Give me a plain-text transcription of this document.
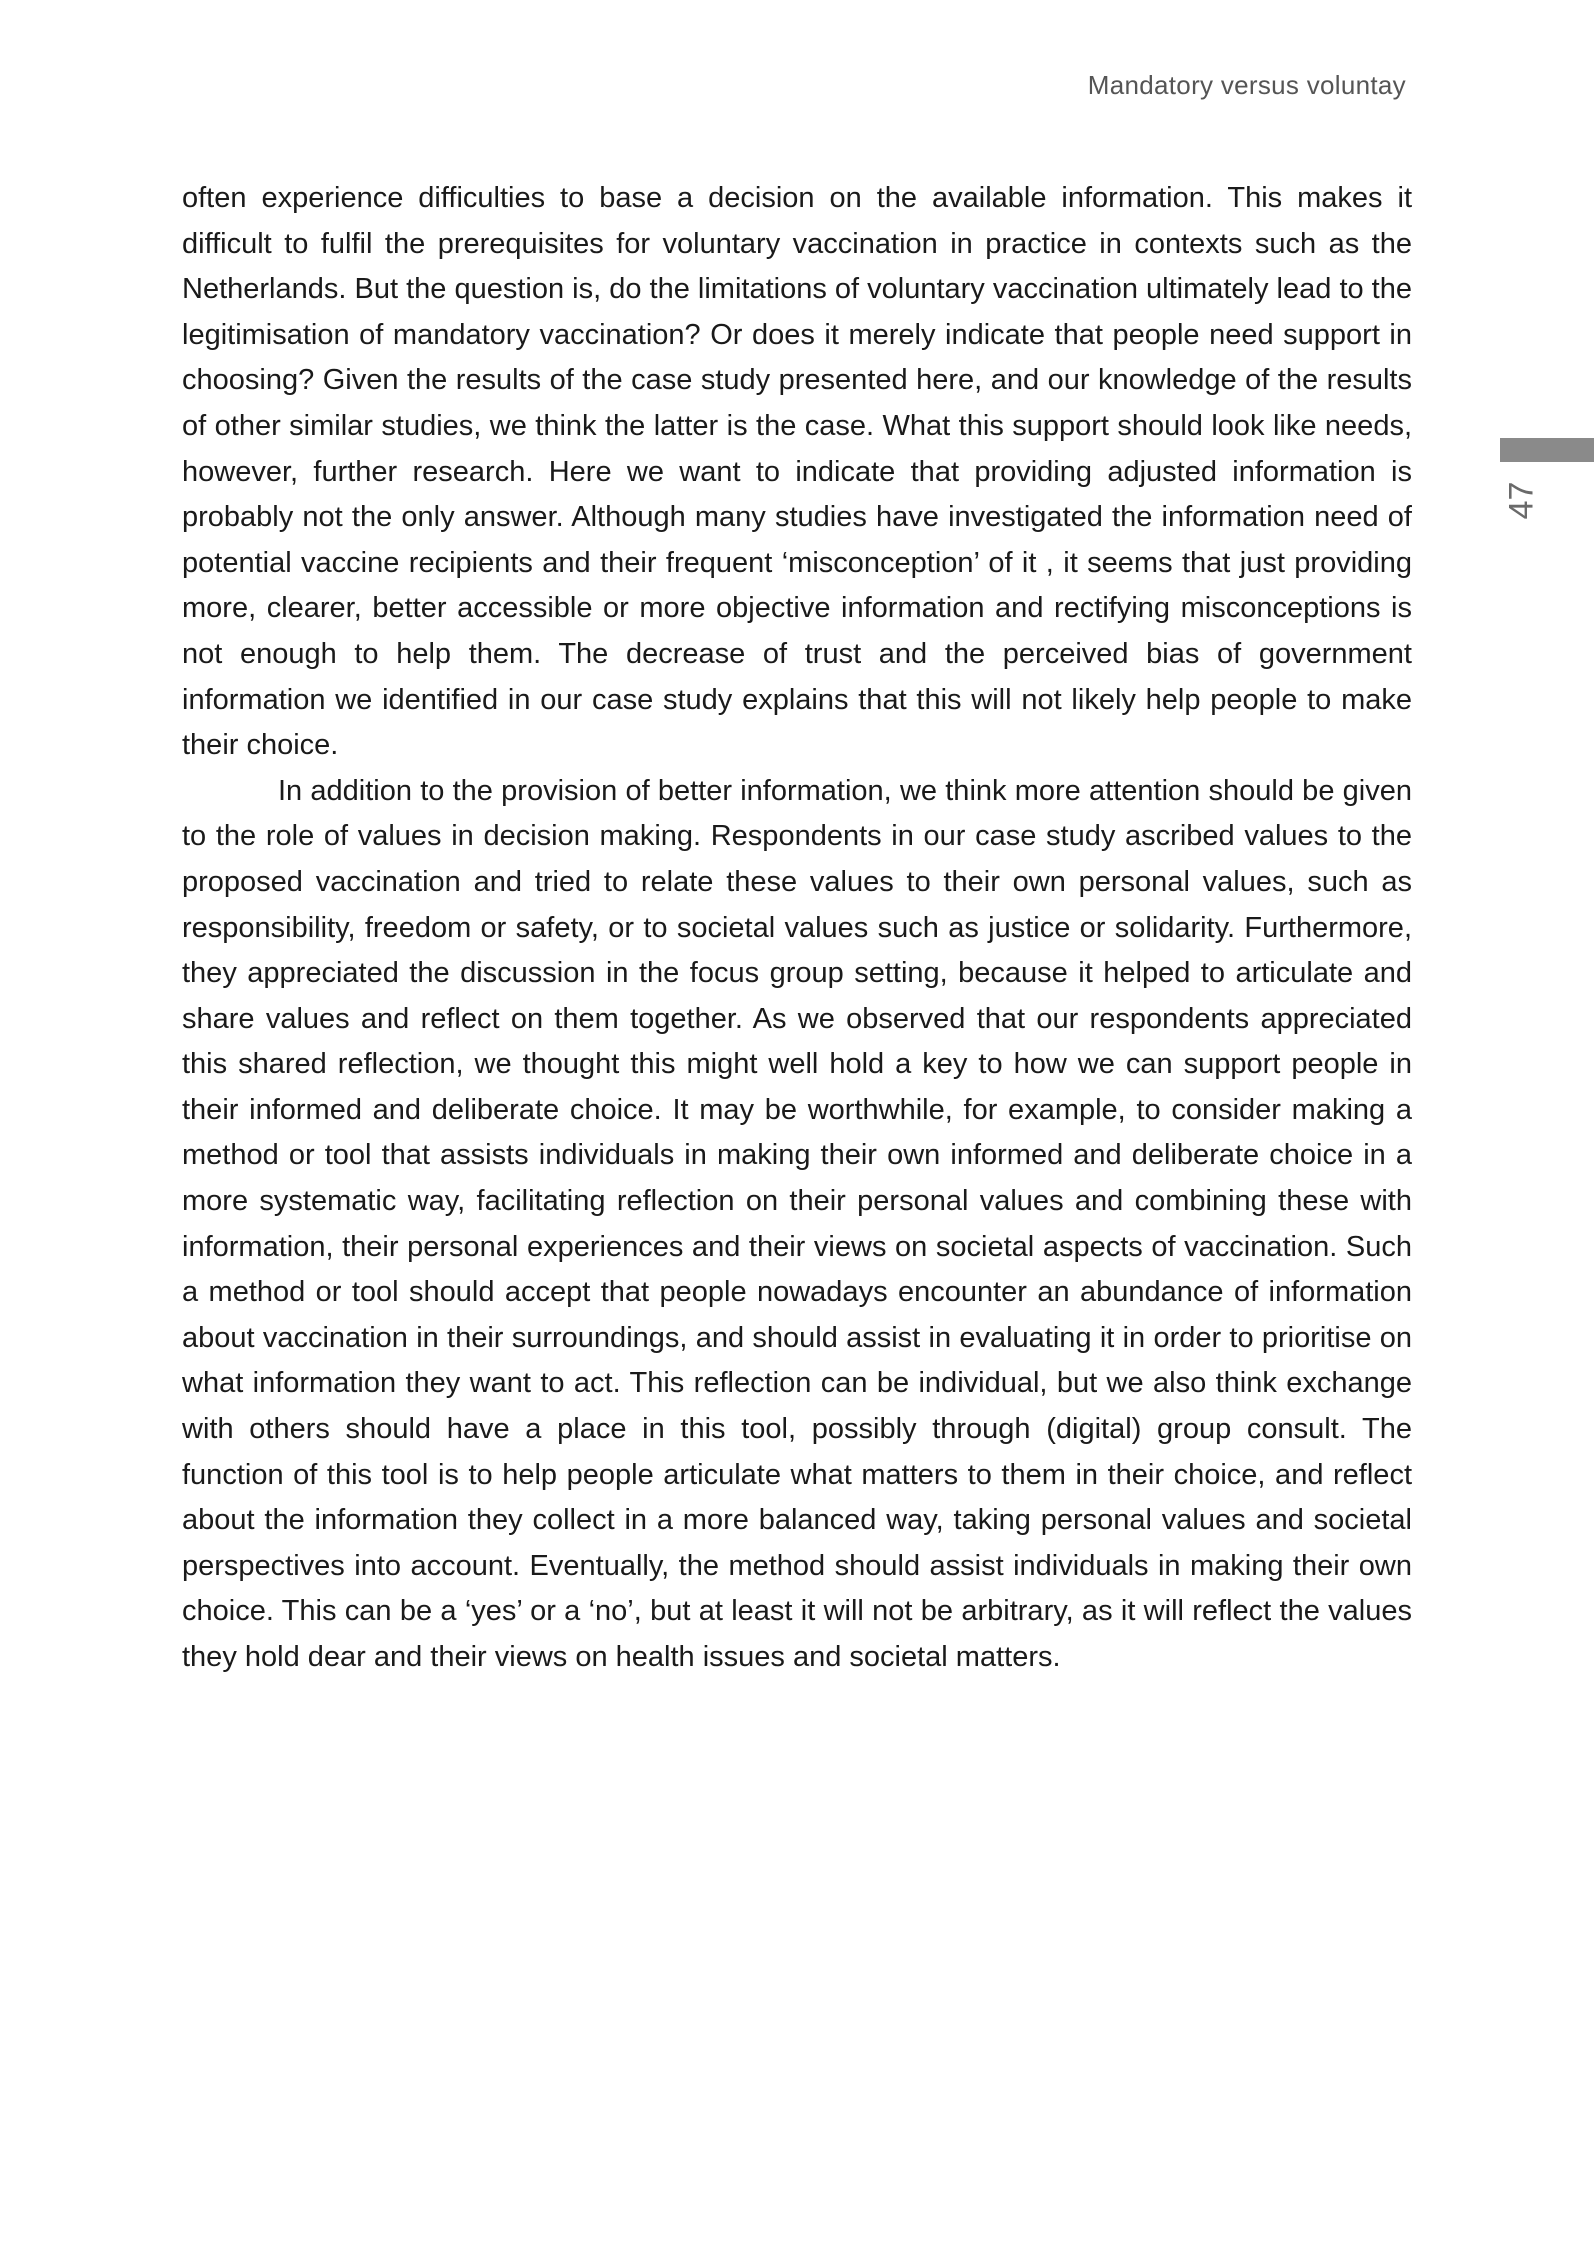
Mandatory versus voluntay
47

often experience difficulties to base a decision on the available information. This makes it difficult to fulfil the prerequisites for voluntary vaccination in practice in contexts such as the Netherlands. But the question is, do the limitations of voluntary vaccination ultimately lead to the legitimisation of mandatory vaccination? Or does it merely indicate that people need support in choosing? Given the results of the case study presented here, and our knowledge of the results of other similar studies, we think the latter is the case. What this support should look like needs, however, further research. Here we want to indicate that providing adjusted information is probably not the only answer. Although many studies have investigated the information need of potential vaccine recipients and their frequent ‘misconception’ of it , it seems that just providing more, clearer, better accessible or more objective information and rectifying misconceptions is not enough to help them. The decrease of trust and the perceived bias of government information we identified in our case study explains that this will not likely help people to make their choice.

In addition to the provision of better information, we think more attention should be given to the role of values in decision making. Respondents in our case study ascribed values to the proposed vaccination and tried to relate these values to their own personal values, such as responsibility, freedom or safety, or to societal values such as justice or solidarity. Furthermore, they appreciated the discussion in the focus group setting, because it helped to articulate and share values and reflect on them together. As we observed that our respondents appreciated this shared reflection, we thought this might well hold a key to how we can support people in their informed and deliberate choice. It may be worthwhile, for example, to consider making a method or tool that assists individuals in making their own informed and deliberate choice in a more systematic way, facilitating reflection on their personal values and combining these with information, their personal experiences and their views on societal aspects of vaccination. Such a method or tool should accept that people nowadays encounter an abundance of information about vaccination in their surroundings, and should assist in evaluating it in order to prioritise on what information they want to act. This reflection can be individual, but we also think exchange with others should have a place in this tool, possibly through (digital) group consult. The function of this tool is to help people articulate what matters to them in their choice, and reflect about the information they collect in a more balanced way, taking personal values and societal perspectives into account. Eventually, the method should assist individuals in making their own choice. This can be a ‘yes’ or a ‘no’, but at least it will not be arbitrary, as it will reflect the values they hold dear and their views on health issues and societal matters.
